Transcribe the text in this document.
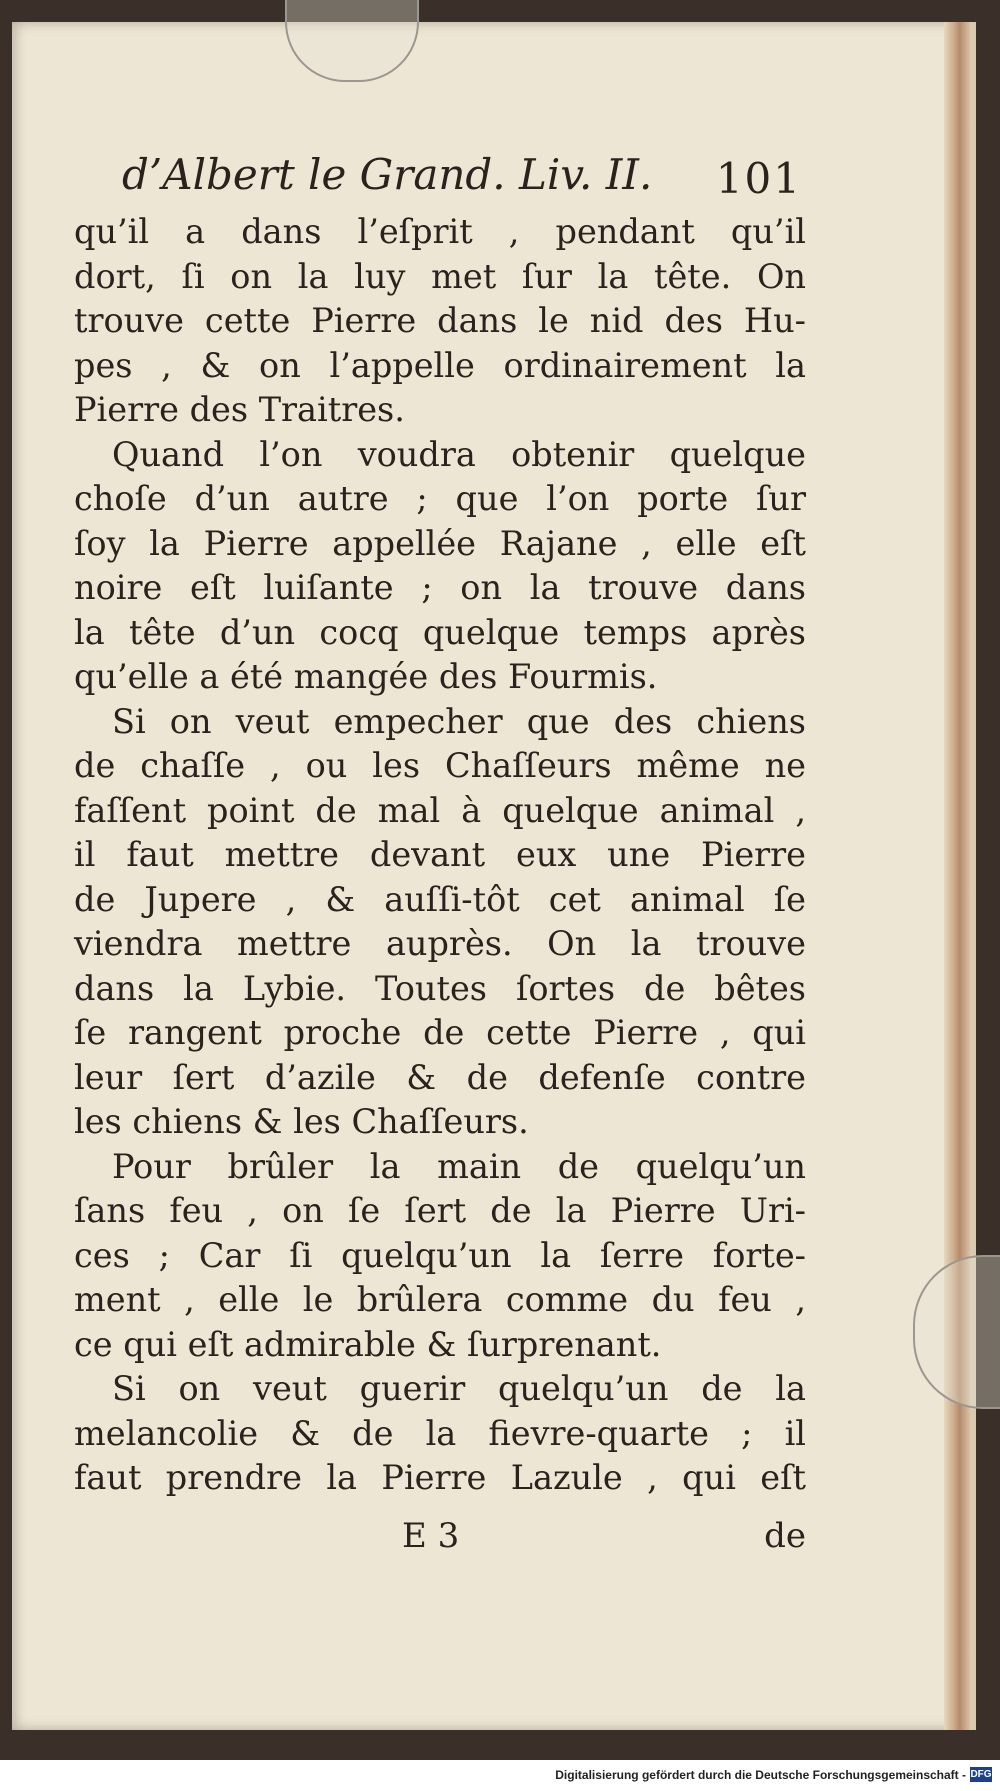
d’Albert le Grand. Liv. II. 101
qu’il a dans l’eſprit , pendant qu’il
dort, ſi on la luy met ſur la tête. On
trouve cette Pierre dans le nid des Hu-
pes , & on l’appelle ordinairement la
Pierre des Traitres.
Quand l’on voudra obtenir quelque
choſe d’un autre ; que l’on porte ſur
ſoy la Pierre appellée Rajane , elle eſt
noire eſt luiſante ; on la trouve dans
la tête d’un cocq quelque temps après
qu’elle a été mangée des Fourmis.
Si on veut empecher que des chiens
de chaſſe , ou les Chaſſeurs même ne
faſſent point de mal à quelque animal ,
il faut mettre devant eux une Pierre
de Jupere , & auſſi-tôt cet animal ſe
viendra mettre auprès. On la trouve
dans la Lybie. Toutes ſortes de bêtes
ſe rangent proche de cette Pierre , qui
leur ſert d’azile & de defenſe contre
les chiens & les Chaſſeurs.
Pour brûler la main de quelqu’un
ſans feu , on ſe ſert de la Pierre Uri-
ces ; Car ſi quelqu’un la ſerre forte-
ment , elle le brûlera comme du feu ,
ce qui eſt admirable & ſurprenant.
Si on veut guerir quelqu’un de la
melancolie & de la fievre-quarte ; il
faut prendre la Pierre Lazule , qui eſt
E 3	de
Digitalisierung gefördert durch die Deutsche Forschungsgemeinschaft - DFG
